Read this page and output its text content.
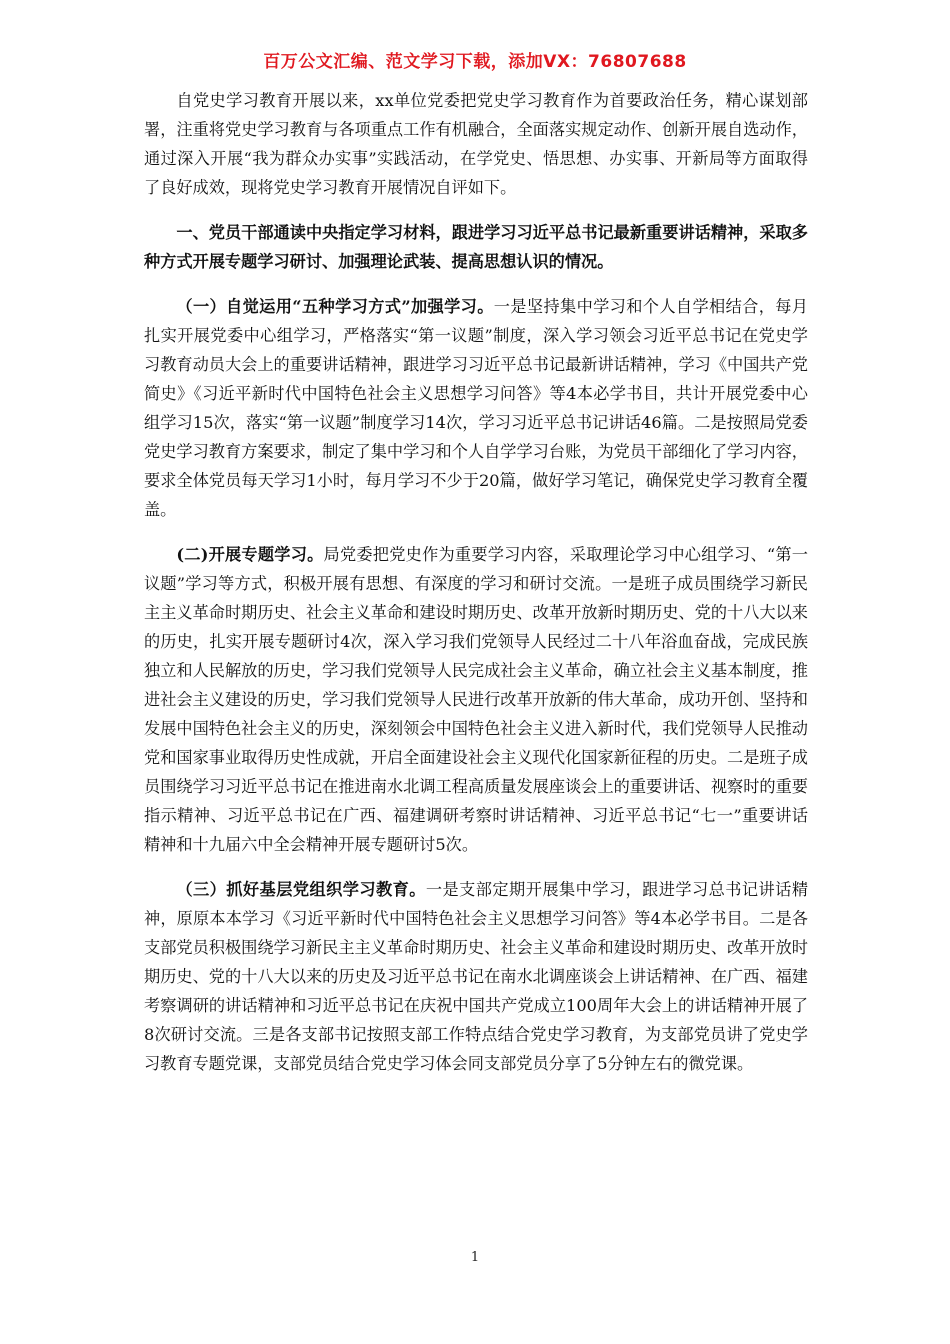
百万公文汇编、范文学习下载，添加VX：76807688

自党史学习教育开展以来，xx单位党委把党史学习教育作为首要政治任务，精心谋划部署，注重将党史学习教育与各项重点工作有机融合，全面落实规定动作、创新开展自选动作，通过深入开展“我为群众办实事”实践活动，在学党史、悟思想、办实事、开新局等方面取得了良好成效，现将党史学习教育开展情况自评如下。

一、党员干部通读中央指定学习材料，跟进学习习近平总书记最新重要讲话精神，采取多种方式开展专题学习研讨、加强理论武装、提高思想认识的情况。

（一）自觉运用“五种学习方式”加强学习。一是坚持集中学习和个人自学相结合，每月扎实开展党委中心组学习，严格落实“第一议题”制度，深入学习领会习近平总书记在党史学习教育动员大会上的重要讲话精神，跟进学习习近平总书记最新讲话精神，学习《中国共产党简史》《习近平新时代中国特色社会主义思想学习问答》等4本必学书目，共计开展党委中心组学习15次，落实“第一议题”制度学习14次，学习习近平总书记讲话46篇。二是按照局党委党史学习教育方案要求，制定了集中学习和个人自学学习台账，为党员干部细化了学习内容，要求全体党员每天学习1小时，每月学习不少于20篇，做好学习笔记，确保党史学习教育全覆盖。

(二)开展专题学习。局党委把党史作为重要学习内容，采取理论学习中心组学习、“第一议题”学习等方式，积极开展有思想、有深度的学习和研讨交流。一是班子成员围绕学习新民主主义革命时期历史、社会主义革命和建设时期历史、改革开放新时期历史、党的十八大以来的历史，扎实开展专题研讨4次，深入学习我们党领导人民经过二十八年浴血奋战，完成民族独立和人民解放的历史，学习我们党领导人民完成社会主义革命，确立社会主义基本制度，推进社会主义建设的历史，学习我们党领导人民进行改革开放新的伟大革命，成功开创、坚持和发展中国特色社会主义的历史，深刻领会中国特色社会主义进入新时代，我们党领导人民推动党和国家事业取得历史性成就，开启全面建设社会主义现代化国家新征程的历史。二是班子成员围绕学习习近平总书记在推进南水北调工程高质量发展座谈会上的重要讲话、视察时的重要指示精神、习近平总书记在广西、福建调研考察时讲话精神、习近平总书记“七一”重要讲话精神和十九届六中全会精神开展专题研讨5次。

（三）抓好基层党组织学习教育。一是支部定期开展集中学习，跟进学习总书记讲话精神，原原本本学习《习近平新时代中国特色社会主义思想学习问答》等4本必学书目。二是各支部党员积极围绕学习新民主主义革命时期历史、社会主义革命和建设时期历史、改革开放时期历史、党的十八大以来的历史及习近平总书记在南水北调座谈会上讲话精神、在广西、福建考察调研的讲话精神和习近平总书记在庆祝中国共产党成立100周年大会上的讲话精神开展了8次研讨交流。三是各支部书记按照支部工作特点结合党史学习教育，为支部党员讲了党史学习教育专题党课，支部党员结合党史学习体会同支部党员分享了5分钟左右的微党课。

1
